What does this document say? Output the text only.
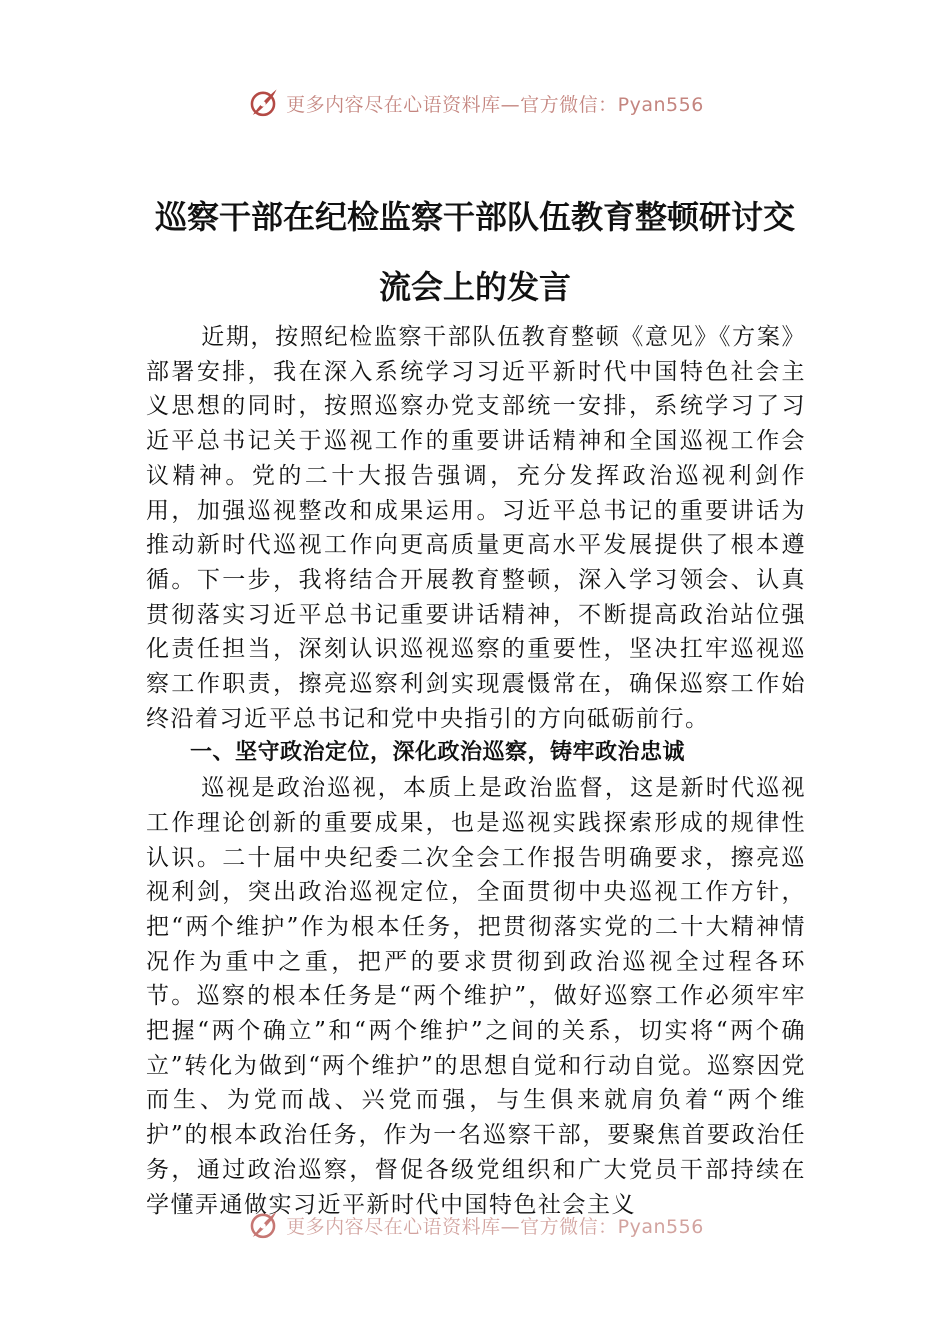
更多内容尽在心语资料库—官方微信：Pyan556
巡察干部在纪检监察干部队伍教育整顿研讨交流会上的发言

近期，按照纪检监察干部队伍教育整顿《意见》《方案》部署安排，我在深入系统学习习近平新时代中国特色社会主义思想的同时，按照巡察办党支部统一安排，系统学习了习近平总书记关于巡视工作的重要讲话精神和全国巡视工作会议精神。党的二十大报告强调，充分发挥政治巡视利剑作用，加强巡视整改和成果运用。习近平总书记的重要讲话为推动新时代巡视工作向更高质量更高水平发展提供了根本遵循。下一步，我将结合开展教育整顿，深入学习领会、认真贯彻落实习近平总书记重要讲话精神，不断提高政治站位强化责任担当，深刻认识巡视巡察的重要性，坚决扛牢巡视巡察工作职责，擦亮巡察利剑实现震慑常在，确保巡察工作始终沿着习近平总书记和党中央指引的方向砥砺前行。

一、坚守政治定位，深化政治巡察，铸牢政治忠诚

巡视是政治巡视，本质上是政治监督，这是新时代巡视工作理论创新的重要成果，也是巡视实践探索形成的规律性认识。二十届中央纪委二次全会工作报告明确要求，擦亮巡视利剑，突出政治巡视定位，全面贯彻中央巡视工作方针，把“两个维护”作为根本任务，把贯彻落实党的二十大精神情况作为重中之重，把严的要求贯彻到政治巡视全过程各环节。巡察的根本任务是“两个维护”，做好巡察工作必须牢牢把握“两个确立”和“两个维护”之间的关系，切实将“两个确立”转化为做到“两个维护”的思想自觉和行动自觉。巡察因党而生、为党而战、兴党而强，与生俱来就肩负着“两个维护”的根本政治任务，作为一名巡察干部，要聚焦首要政治任务，通过政治巡察，督促各级党组织和广大党员干部持续在学懂弄通做实习近平新时代中国特色社会主义

更多内容尽在心语资料库—官方微信：Pyan556
